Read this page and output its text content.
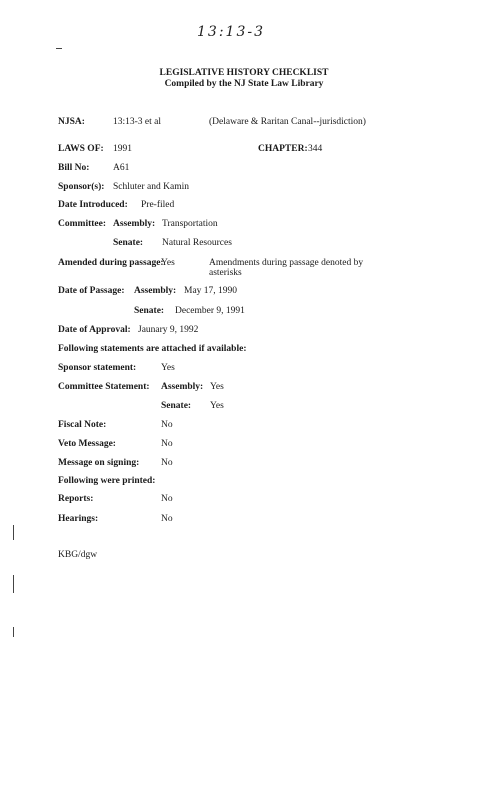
13:13-3
LEGISLATIVE HISTORY CHECKLIST
Compiled by the NJ State Law Library
NJSA:	13:13-3 et al	(Delaware & Raritan Canal--jurisdiction)
LAWS OF: 1991	CHAPTER: 344
Bill No: A61
Sponsor(s): Schluter and Kamin
Date Introduced: Pre-filed
Committee: Assembly: Transportation
Senate: Natural Resources
Amended during passage:
Yes	Amendments during passage denoted by
asterisks
Date of Passage: Assembly: May 17, 1990
Senate: December 9, 1991
Date of Approval: Jaunary 9, 1992
Following statements are attached if available:
Sponsor statement:	Yes
Committee Statement: Assembly: Yes
Senate: Yes
Fiscal Note:	No
Veto Message:	No
Message on signing: No
Following were printed:
Reports:	No
Hearings:	No
KBG/dgw
